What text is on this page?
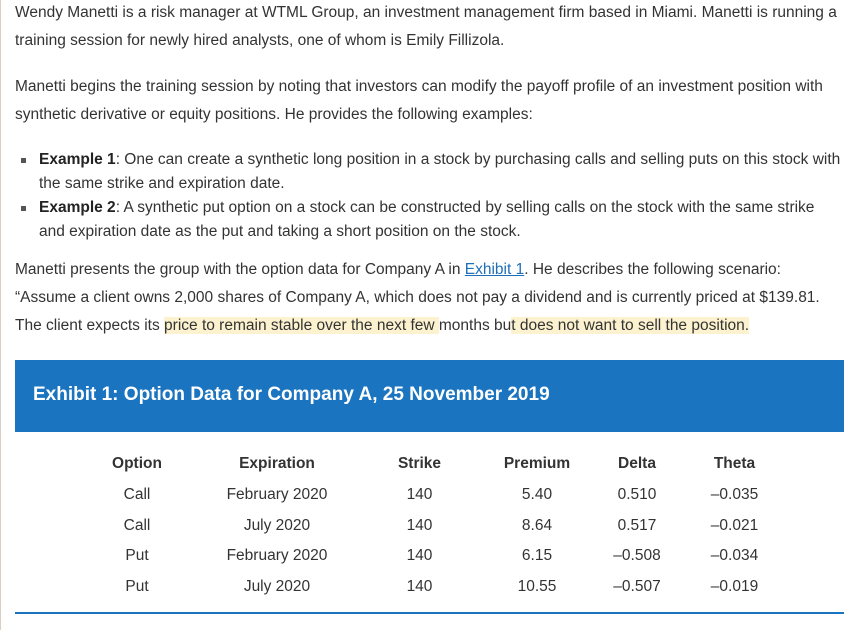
Wendy Manetti is a risk manager at WTML Group, an investment management firm based in Miami. Manetti is running a training session for newly hired analysts, one of whom is Emily Fillizola.

Manetti begins the training session by noting that investors can modify the payoff profile of an investment position with synthetic derivative or equity positions. He provides the following examples:

Example 1: One can create a synthetic long position in a stock by purchasing calls and selling puts on this stock with the same strike and expiration date.
Example 2: A synthetic put option on a stock can be constructed by selling calls on the stock with the same strike and expiration date as the put and taking a short position on the stock.

Manetti presents the group with the option data for Company A in Exhibit 1. He describes the following scenario: “Assume a client owns 2,000 shares of Company A, which does not pay a dividend and is currently priced at $139.81. The client expects its price to remain stable over the next few months but does not want to sell the position.

Exhibit 1: Option Data for Company A, 25 November 2019
Option	Expiration	Strike	Premium	Delta	Theta
Call	February 2020	140	5.40	0.510	–0.035
Call	July 2020	140	8.64	0.517	–0.021
Put	February 2020	140	6.15	–0.508	–0.034
Put	July 2020	140	10.55	–0.507	–0.019
